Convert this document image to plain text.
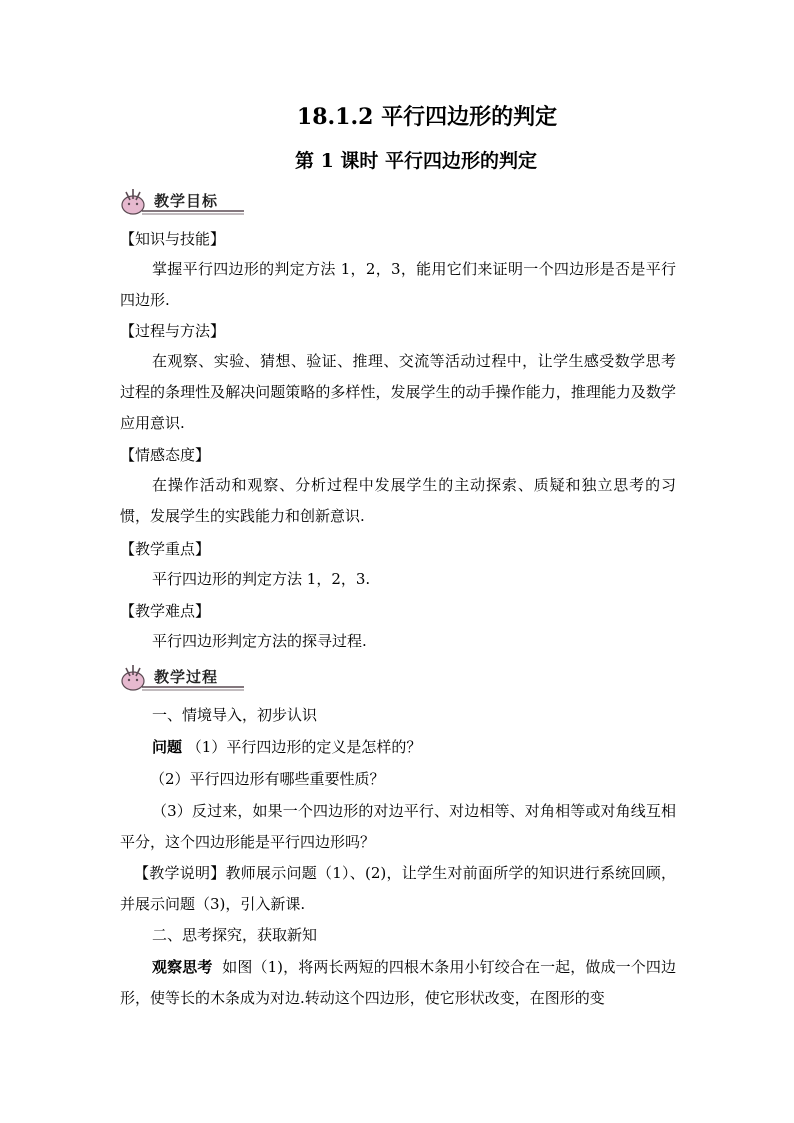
18.1.2 平行四边形的判定
第 1 课时 平行四边形的判定
教学目标
【知识与技能】
掌握平行四边形的判定方法 1，2，3，能用它们来证明一个四边形是否是平行四边形.
【过程与方法】
在观察、实验、猜想、验证、推理、交流等活动过程中，让学生感受数学思考过程的条理性及解决问题策略的多样性，发展学生的动手操作能力，推理能力及数学应用意识.
【情感态度】
在操作活动和观察、分析过程中发展学生的主动探索、质疑和独立思考的习惯，发展学生的实践能力和创新意识.
【教学重点】
平行四边形的判定方法 1，2，3.
【教学难点】
平行四边形判定方法的探寻过程.
教学过程
一、情境导入，初步认识
问题 （1）平行四边形的定义是怎样的？
（2）平行四边形有哪些重要性质？
（3）反过来，如果一个四边形的对边平行、对边相等、对角相等或对角线互相平分，这个四边形能是平行四边形吗？
【教学说明】教师展示问题（1）、(2)，让学生对前面所学的知识进行系统回顾，并展示问题（3)，引入新课.
二、思考探究，获取新知
观察思考 如图（1)，将两长两短的四根木条用小钉绞合在一起，做成一个四边形，使等长的木条成为对边.转动这个四边形，使它形状改变，在图形的变
